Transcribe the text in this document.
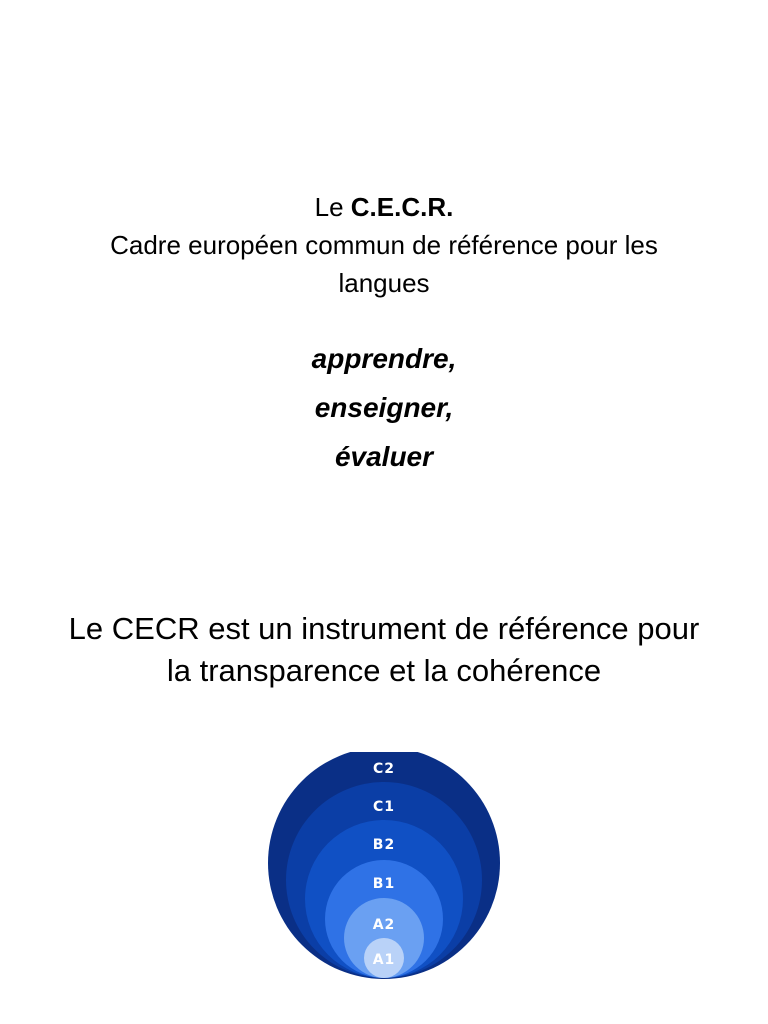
Le C.E.C.R.
Cadre européen commun de référence pour les
langues
apprendre,
enseigner,
évaluer
Le CECR est un instrument de référence pour
la transparence et la cohérence
C2
C1
B2
B1
A2
A1
